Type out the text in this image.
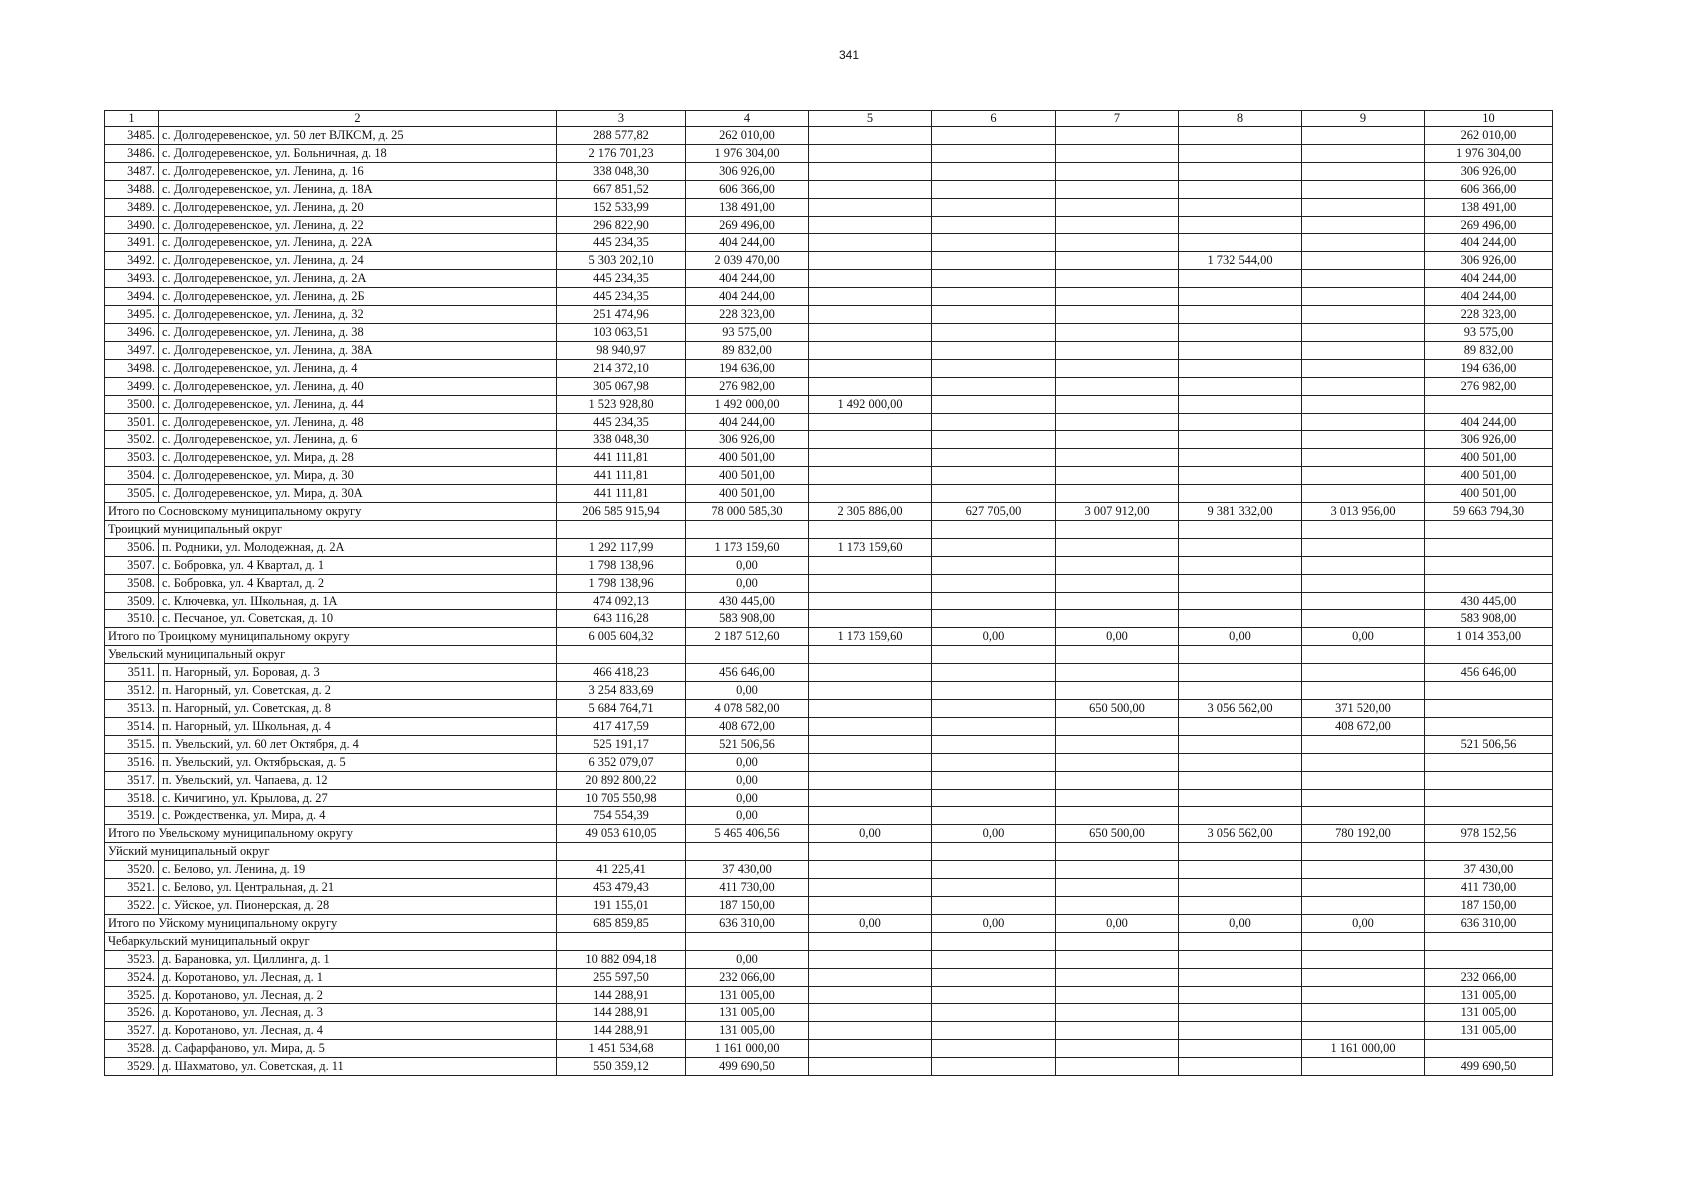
341
1	2	3	4	5	6	7	8	9	10
3485.	с. Долгодеревенское, ул. 50 лет ВЛКСМ, д. 25	288 577,82	262 010,00						262 010,00
3486.	с. Долгодеревенское, ул. Больничная, д. 18	2 176 701,23	1 976 304,00						1 976 304,00
3487.	с. Долгодеревенское, ул. Ленина, д. 16	338 048,30	306 926,00						306 926,00
3488.	с. Долгодеревенское, ул. Ленина, д. 18А	667 851,52	606 366,00						606 366,00
3489.	с. Долгодеревенское, ул. Ленина, д. 20	152 533,99	138 491,00						138 491,00
3490.	с. Долгодеревенское, ул. Ленина, д. 22	296 822,90	269 496,00						269 496,00
3491.	с. Долгодеревенское, ул. Ленина, д. 22А	445 234,35	404 244,00						404 244,00
3492.	с. Долгодеревенское, ул. Ленина, д. 24	5 303 202,10	2 039 470,00				1 732 544,00		306 926,00
3493.	с. Долгодеревенское, ул. Ленина, д. 2А	445 234,35	404 244,00						404 244,00
3494.	с. Долгодеревенское, ул. Ленина, д. 2Б	445 234,35	404 244,00						404 244,00
3495.	с. Долгодеревенское, ул. Ленина, д. 32	251 474,96	228 323,00						228 323,00
3496.	с. Долгодеревенское, ул. Ленина, д. 38	103 063,51	93 575,00						93 575,00
3497.	с. Долгодеревенское, ул. Ленина, д. 38А	98 940,97	89 832,00						89 832,00
3498.	с. Долгодеревенское, ул. Ленина, д. 4	214 372,10	194 636,00						194 636,00
3499.	с. Долгодеревенское, ул. Ленина, д. 40	305 067,98	276 982,00						276 982,00
3500.	с. Долгодеревенское, ул. Ленина, д. 44	1 523 928,80	1 492 000,00	1 492 000,00					
3501.	с. Долгодеревенское, ул. Ленина, д. 48	445 234,35	404 244,00						404 244,00
3502.	с. Долгодеревенское, ул. Ленина, д. 6	338 048,30	306 926,00						306 926,00
3503.	с. Долгодеревенское, ул. Мира, д. 28	441 111,81	400 501,00						400 501,00
3504.	с. Долгодеревенское, ул. Мира, д. 30	441 111,81	400 501,00						400 501,00
3505.	с. Долгодеревенское, ул. Мира, д. 30А	441 111,81	400 501,00						400 501,00
Итого по Сосновскому муниципальному округу		206 585 915,94	78 000 585,30	2 305 886,00	627 705,00	3 007 912,00	9 381 332,00	3 013 956,00	59 663 794,30
Троицкий муниципальный округ									
3506.	п. Родники, ул. Молодежная, д. 2А	1 292 117,99	1 173 159,60	1 173 159,60					
3507.	с. Бобровка, ул. 4 Квартал, д. 1	1 798 138,96	0,00						
3508.	с. Бобровка, ул. 4 Квартал, д. 2	1 798 138,96	0,00						
3509.	с. Ключевка, ул. Школьная, д. 1А	474 092,13	430 445,00						430 445,00
3510.	с. Песчаное, ул. Советская, д. 10	643 116,28	583 908,00						583 908,00
Итого по Троицкому муниципальному округу		6 005 604,32	2 187 512,60	1 173 159,60	0,00	0,00	0,00	0,00	1 014 353,00
Увельский муниципальный округ									
3511.	п. Нагорный, ул. Боровая, д. 3	466 418,23	456 646,00						456 646,00
3512.	п. Нагорный, ул. Советская, д. 2	3 254 833,69	0,00						
3513.	п. Нагорный, ул. Советская, д. 8	5 684 764,71	4 078 582,00			650 500,00	3 056 562,00	371 520,00	
3514.	п. Нагорный, ул. Школьная, д. 4	417 417,59	408 672,00					408 672,00	
3515.	п. Увельский, ул. 60 лет Октября, д. 4	525 191,17	521 506,56						521 506,56
3516.	п. Увельский, ул. Октябрьская, д. 5	6 352 079,07	0,00						
3517.	п. Увельский, ул. Чапаева, д. 12	20 892 800,22	0,00						
3518.	с. Кичигино, ул. Крылова, д. 27	10 705 550,98	0,00						
3519.	с. Рождественка, ул. Мира, д. 4	754 554,39	0,00						
Итого по Увельскому муниципальному округу		49 053 610,05	5 465 406,56	0,00	0,00	650 500,00	3 056 562,00	780 192,00	978 152,56
Уйский муниципальный округ									
3520.	с. Белово, ул. Ленина, д. 19	41 225,41	37 430,00						37 430,00
3521.	с. Белово, ул. Центральная, д. 21	453 479,43	411 730,00						411 730,00
3522.	с. Уйское, ул. Пионерская, д. 28	191 155,01	187 150,00						187 150,00
Итого по Уйскому муниципальному округу		685 859,85	636 310,00	0,00	0,00	0,00	0,00	0,00	636 310,00
Чебаркульский муниципальный округ									
3523.	д. Барановка, ул. Циллинга, д. 1	10 882 094,18	0,00						
3524.	д. Коротаново, ул. Лесная, д. 1	255 597,50	232 066,00						232 066,00
3525.	д. Коротаново, ул. Лесная, д. 2	144 288,91	131 005,00						131 005,00
3526.	д. Коротаново, ул. Лесная, д. 3	144 288,91	131 005,00						131 005,00
3527.	д. Коротаново, ул. Лесная, д. 4	144 288,91	131 005,00						131 005,00
3528.	д. Сафарфаново, ул. Мира, д. 5	1 451 534,68	1 161 000,00					1 161 000,00	
3529.	д. Шахматово, ул. Советская, д. 11	550 359,12	499 690,50						499 690,50
